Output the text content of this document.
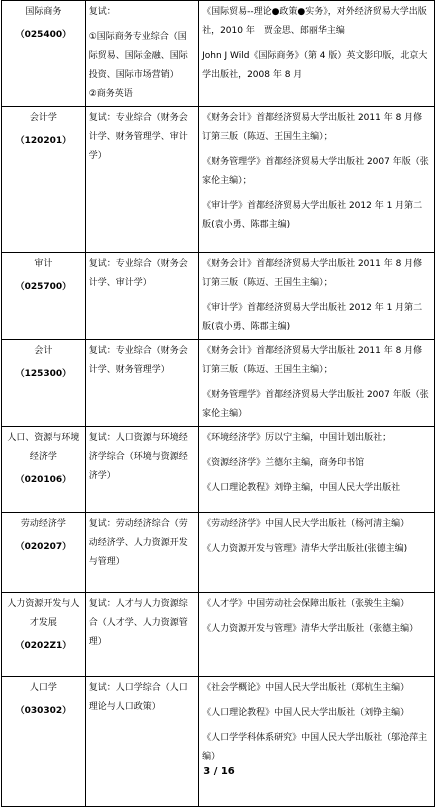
国际商务
（025400）	复试：
①国际商务专业综合（国际贸易、国际金融、国际投资、国际市场营销）
②商务英语	《国际贸易--理论●政策●实务》，对外经济贸易大学出版社，2010 年　贾金思、郎丽华主编
John J Wild《国际商务》（第 4 版）英文影印版，北京大学出版社，2008 年 8 月

会计学
（120201）	复试：专业综合（财务会计学、财务管理学、审计学）	《财务会计》首都经济贸易大学出版社 2011 年 8 月修订第三版（陈迈、王国生主编）；
《财务管理学》首都经济贸易大学出版社 2007 年版（张家伦主编）；
《审计学》首都经济贸易大学出版社 2012 年 1 月第二版(袁小勇、陈郡主编)

审计
（025700）	复试：专业综合（财务会计学、审计学）	《财务会计》首都经济贸易大学出版社 2011 年 8 月修订第三版（陈迈、王国生主编）；
《审计学》首都经济贸易大学出版社 2012 年 1 月第二版(袁小勇、陈郡主编)

会计
（125300）	复试：专业综合（财务会计学、财务管理学）	《财务会计》首都经济贸易大学出版社 2011 年 8 月修订第三版（陈迈、王国生主编）；
《财务管理学》首都经济贸易大学出版社 2007 年版（张家伦主编）

人口、资源与环境经济学
（020106）	复试：人口资源与环境经济学综合（环境与资源经济学）	《环境经济学》厉以宁主编，中国计划出版社；
《资源经济学》兰德尔主编，商务印书馆
《人口理论教程》刘铮主编，中国人民大学出版社

劳动经济学
（020207）	复试：劳动经济综合（劳动经济学、人力资源开发与管理）	《劳动经济学》中国人民大学出版社（杨河清主编）
《人力资源开发与管理》清华大学出版社(张德主编)

人力资源开发与人才发展
（0202Z1）	复试：人才与人力资源综合（人才学、人力资源管理）	《人才学》中国劳动社会保障出版社（张骏生主编）
《人力资源开发与管理》清华大学出版社（张德主编）

人口学
（030302）	复试：人口学综合（人口理论与人口政策）	《社会学概论》中国人民大学出版社（郑杭生主编）
《人口理论教程》中国人民大学出版社（刘铮主编）
《人口学学科体系研究》中国人民大学出版社（邬沧萍主编）
3 / 16
